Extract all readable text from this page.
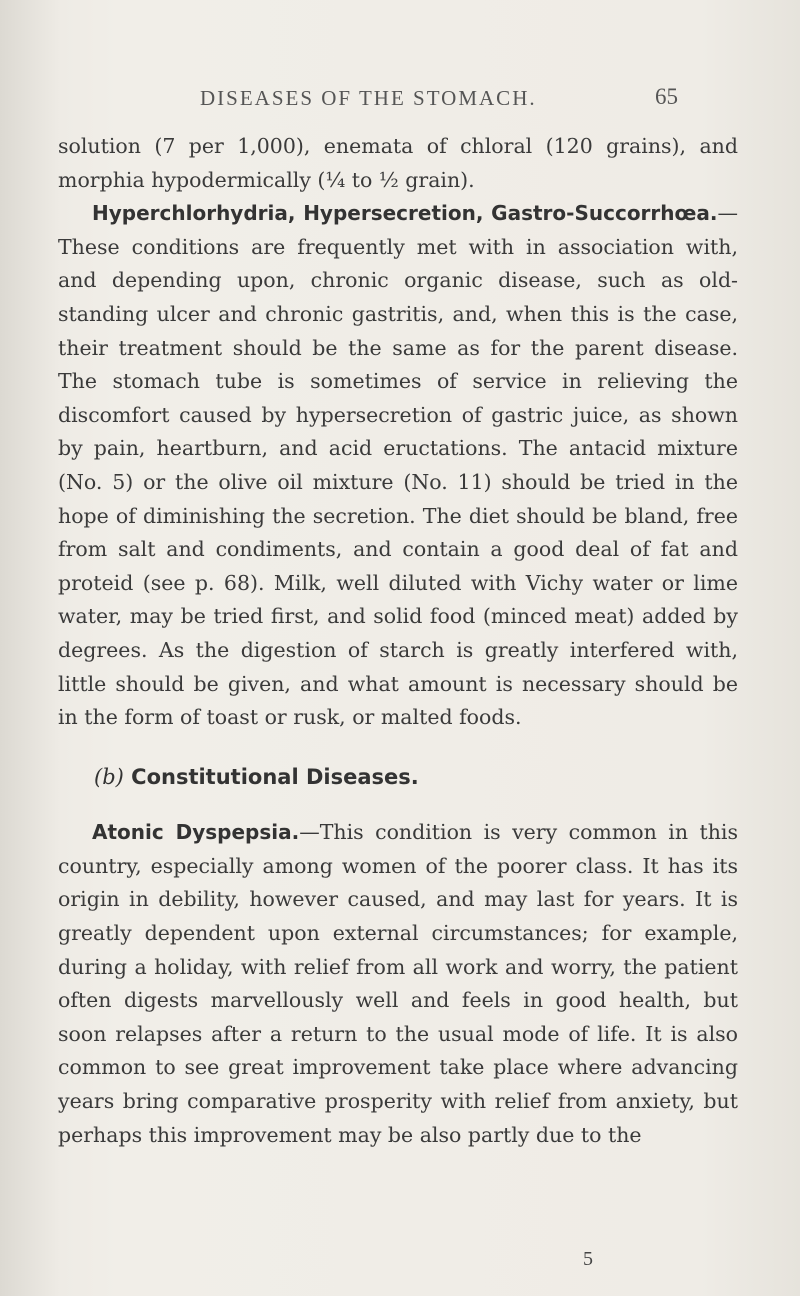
DISEASES OF THE STOMACH.	65

solution (7 per 1,000), enemata of chloral (120 grains), and morphia hypodermically (¼ to ½ grain).

Hyperchlorhydria, Hypersecretion, Gastro-Succorrhœa.—These conditions are frequently met with in association with, and depending upon, chronic organic disease, such as old-standing ulcer and chronic gastritis, and, when this is the case, their treatment should be the same as for the parent disease. The stomach tube is sometimes of service in relieving the discomfort caused by hypersecretion of gastric juice, as shown by pain, heartburn, and acid eructations. The antacid mixture (No. 5) or the olive oil mixture (No. 11) should be tried in the hope of diminishing the secretion. The diet should be bland, free from salt and condiments, and contain a good deal of fat and proteid (see p. 68). Milk, well diluted with Vichy water or lime water, may be tried first, and solid food (minced meat) added by degrees. As the digestion of starch is greatly interfered with, little should be given, and what amount is necessary should be in the form of toast or rusk, or malted foods.

(b) Constitutional Diseases.

Atonic Dyspepsia.—This condition is very common in this country, especially among women of the poorer class. It has its origin in debility, however caused, and may last for years. It is greatly dependent upon external circumstances; for example, during a holiday, with relief from all work and worry, the patient often digests marvellously well and feels in good health, but soon relapses after a return to the usual mode of life. It is also common to see great improvement take place where advancing years bring comparative prosperity with relief from anxiety, but perhaps this improvement may be also partly due to the

5
